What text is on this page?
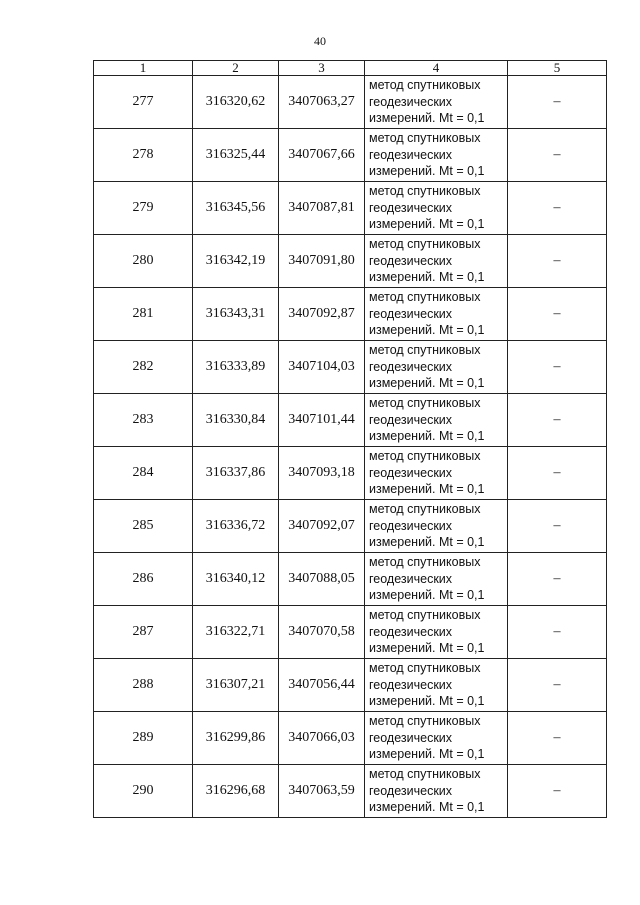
40
1	2	3	4	5
277	316320,62	3407063,27	метод спутниковых
геодезических
измерений. Mt = 0,1	–
278	316325,44	3407067,66	метод спутниковых
геодезических
измерений. Mt = 0,1	–
279	316345,56	3407087,81	метод спутниковых
геодезических
измерений. Mt = 0,1	–
280	316342,19	3407091,80	метод спутниковых
геодезических
измерений. Mt = 0,1	–
281	316343,31	3407092,87	метод спутниковых
геодезических
измерений. Mt = 0,1	–
282	316333,89	3407104,03	метод спутниковых
геодезических
измерений. Mt = 0,1	–
283	316330,84	3407101,44	метод спутниковых
геодезических
измерений. Mt = 0,1	–
284	316337,86	3407093,18	метод спутниковых
геодезических
измерений. Mt = 0,1	–
285	316336,72	3407092,07	метод спутниковых
геодезических
измерений. Mt = 0,1	–
286	316340,12	3407088,05	метод спутниковых
геодезических
измерений. Mt = 0,1	–
287	316322,71	3407070,58	метод спутниковых
геодезических
измерений. Mt = 0,1	–
288	316307,21	3407056,44	метод спутниковых
геодезических
измерений. Mt = 0,1	–
289	316299,86	3407066,03	метод спутниковых
геодезических
измерений. Mt = 0,1	–
290	316296,68	3407063,59	метод спутниковых
геодезических
измерений. Mt = 0,1	–
